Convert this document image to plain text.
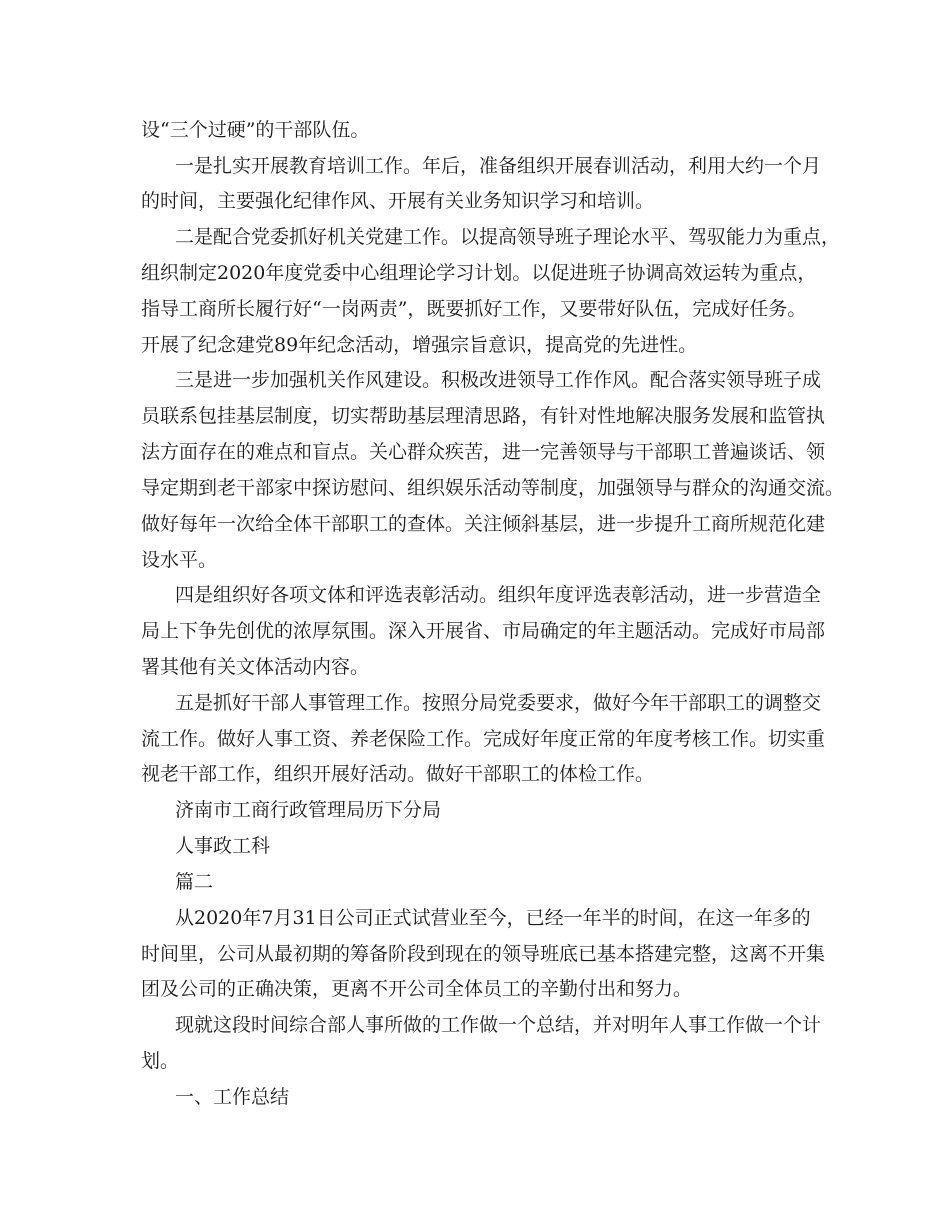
设“三个过硬”的干部队伍。
一是扎实开展教育培训工作。年后，准备组织开展春训活动，利用大约一个月
的时间，主要强化纪律作风、开展有关业务知识学习和培训。
二是配合党委抓好机关党建工作。以提高领导班子理论水平、驾驭能力为重点，
组织制定2020年度党委中心组理论学习计划。以促进班子协调高效运转为重点，
指导工商所长履行好“一岗两责”，既要抓好工作，又要带好队伍，完成好任务。
开展了纪念建党89年纪念活动，增强宗旨意识，提高党的先进性。
三是进一步加强机关作风建设。积极改进领导工作作风。配合落实领导班子成
员联系包挂基层制度，切实帮助基层理清思路，有针对性地解决服务发展和监管执
法方面存在的难点和盲点。关心群众疾苦，进一完善领导与干部职工普遍谈话、领
导定期到老干部家中探访慰问、组织娱乐活动等制度，加强领导与群众的沟通交流。
做好每年一次给全体干部职工的查体。关注倾斜基层，进一步提升工商所规范化建
设水平。
四是组织好各项文体和评选表彰活动。组织年度评选表彰活动，进一步营造全
局上下争先创优的浓厚氛围。深入开展省、市局确定的年主题活动。完成好市局部
署其他有关文体活动内容。
五是抓好干部人事管理工作。按照分局党委要求，做好今年干部职工的调整交
流工作。做好人事工资、养老保险工作。完成好年度正常的年度考核工作。切实重
视老干部工作，组织开展好活动。做好干部职工的体检工作。
济南市工商行政管理局历下分局
人事政工科
篇二
从2020年7月31日公司正式试营业至今，已经一年半的时间，在这一年多的
时间里，公司从最初期的筹备阶段到现在的领导班底已基本搭建完整，这离不开集
团及公司的正确决策，更离不开公司全体员工的辛勤付出和努力。
现就这段时间综合部人事所做的工作做一个总结，并对明年人事工作做一个计
划。
一、工作总结
